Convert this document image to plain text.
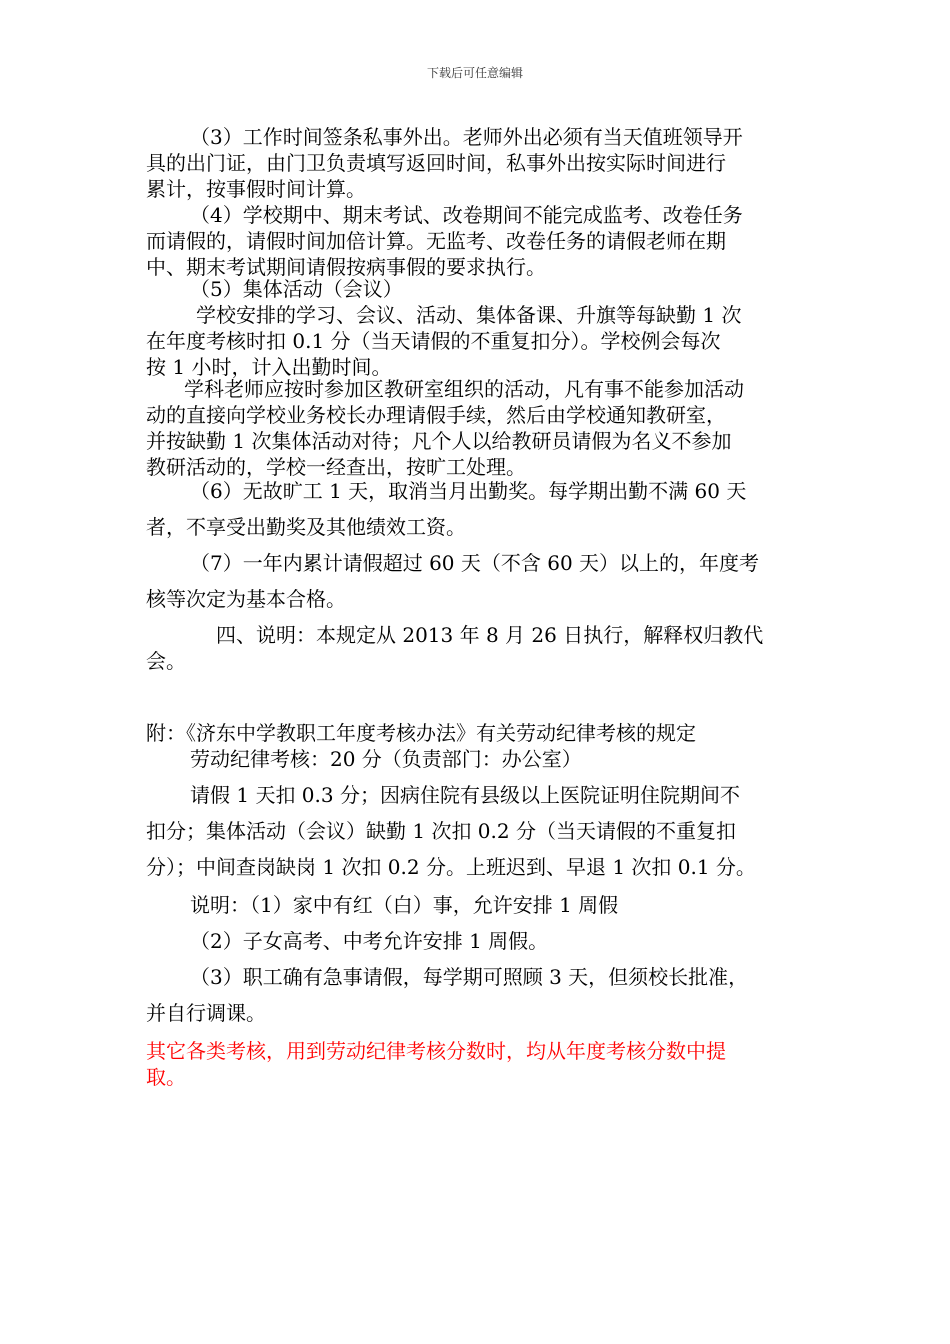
下载后可任意编辑
（3）工作时间签条私事外出。老师外出必须有当天值班领导开
具的出门证，由门卫负责填写返回时间，私事外出按实际时间进行
累计，按事假时间计算。
（4）学校期中、期末考试、改卷期间不能完成监考、改卷任务
而请假的，请假时间加倍计算。无监考、改卷任务的请假老师在期
中、期末考试期间请假按病事假的要求执行。
（5）集体活动（会议）
学校安排的学习、会议、活动、集体备课、升旗等每缺勤 1 次
在年度考核时扣 0.1 分（当天请假的不重复扣分）。学校例会每次
按 1 小时，计入出勤时间。
学科老师应按时参加区教研室组织的活动，凡有事不能参加活动
动的直接向学校业务校长办理请假手续，然后由学校通知教研室，
并按缺勤 1 次集体活动对待；凡个人以给教研员请假为名义不参加
教研活动的，学校一经查出，按旷工处理。
（6）无故旷工 1 天，取消当月出勤奖。每学期出勤不满 60 天
者，不享受出勤奖及其他绩效工资。
（7）一年内累计请假超过 60 天（不含 60 天）以上的，年度考
核等次定为基本合格。
四、说明：本规定从 2013 年 8 月 26 日执行，解释权归教代
会。
附：《济东中学教职工年度考核办法》有关劳动纪律考核的规定
劳动纪律考核：20 分（负责部门：办公室）
请假 1 天扣 0.3 分；因病住院有县级以上医院证明住院期间不
扣分；集体活动（会议）缺勤 1 次扣 0.2 分（当天请假的不重复扣
分）；中间查岗缺岗 1 次扣 0.2 分。上班迟到、早退 1 次扣 0.1 分。
说明：（1）家中有红（白）事，允许安排 1 周假
（2）子女高考、中考允许安排 1 周假。
（3）职工确有急事请假，每学期可照顾 3 天，但须校长批准，
并自行调课。
其它各类考核，用到劳动纪律考核分数时，均从年度考核分数中提
取。
